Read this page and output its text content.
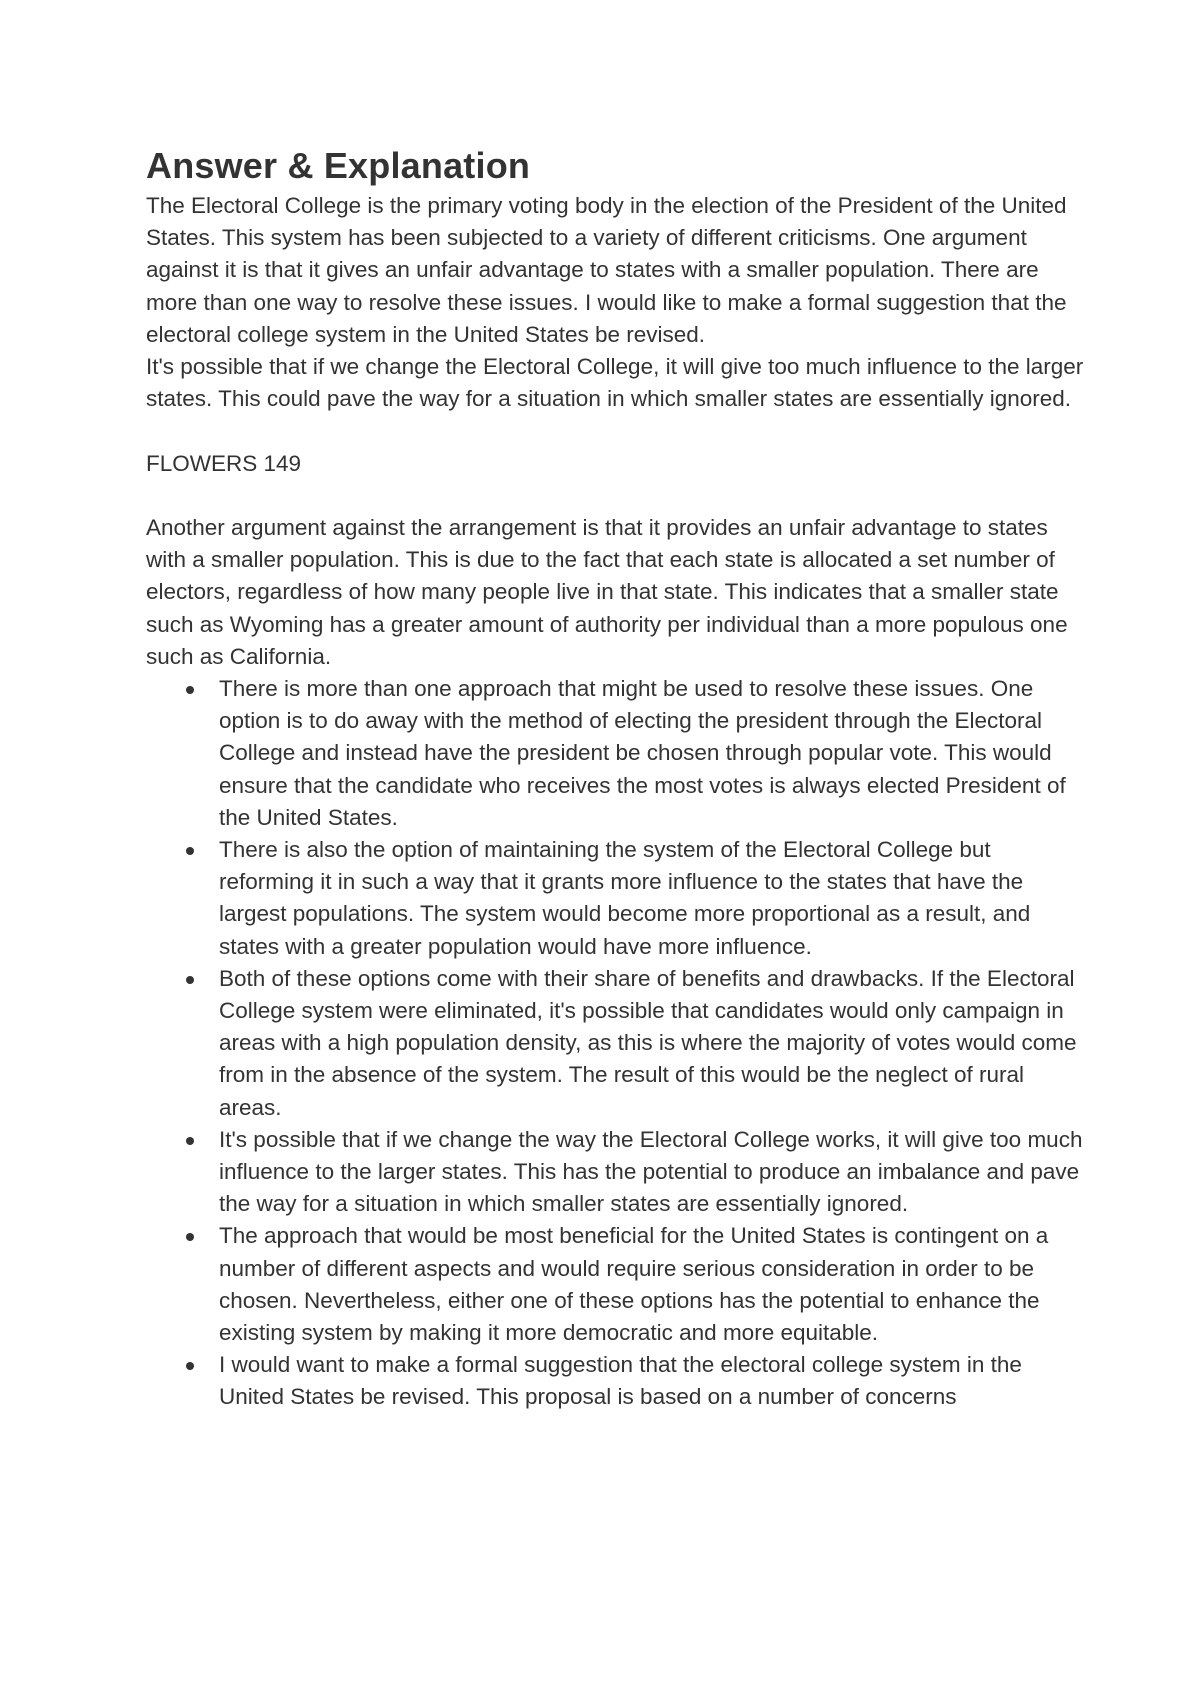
Answer & Explanation

The Electoral College is the primary voting body in the election of the President of the United States. This system has been subjected to a variety of different criticisms. One argument against it is that it gives an unfair advantage to states with a smaller population. There are more than one way to resolve these issues. I would like to make a formal suggestion that the electoral college system in the United States be revised.

It's possible that if we change the Electoral College, it will give too much influence to the larger states. This could pave the way for a situation in which smaller states are essentially ignored.

FLOWERS 149

Another argument against the arrangement is that it provides an unfair advantage to states with a smaller population. This is due to the fact that each state is allocated a set number of electors, regardless of how many people live in that state. This indicates that a smaller state such as Wyoming has a greater amount of authority per individual than a more populous one such as California.

There is more than one approach that might be used to resolve these issues. One option is to do away with the method of electing the president through the Electoral College and instead have the president be chosen through popular vote. This would ensure that the candidate who receives the most votes is always elected President of the United States.
There is also the option of maintaining the system of the Electoral College but reforming it in such a way that it grants more influence to the states that have the largest populations. The system would become more proportional as a result, and states with a greater population would have more influence.
Both of these options come with their share of benefits and drawbacks. If the Electoral College system were eliminated, it's possible that candidates would only campaign in areas with a high population density, as this is where the majority of votes would come from in the absence of the system. The result of this would be the neglect of rural areas.
It's possible that if we change the way the Electoral College works, it will give too much influence to the larger states. This has the potential to produce an imbalance and pave the way for a situation in which smaller states are essentially ignored.
The approach that would be most beneficial for the United States is contingent on a number of different aspects and would require serious consideration in order to be chosen. Nevertheless, either one of these options has the potential to enhance the existing system by making it more democratic and more equitable.
I would want to make a formal suggestion that the electoral college system in the United States be revised. This proposal is based on a number of concerns
